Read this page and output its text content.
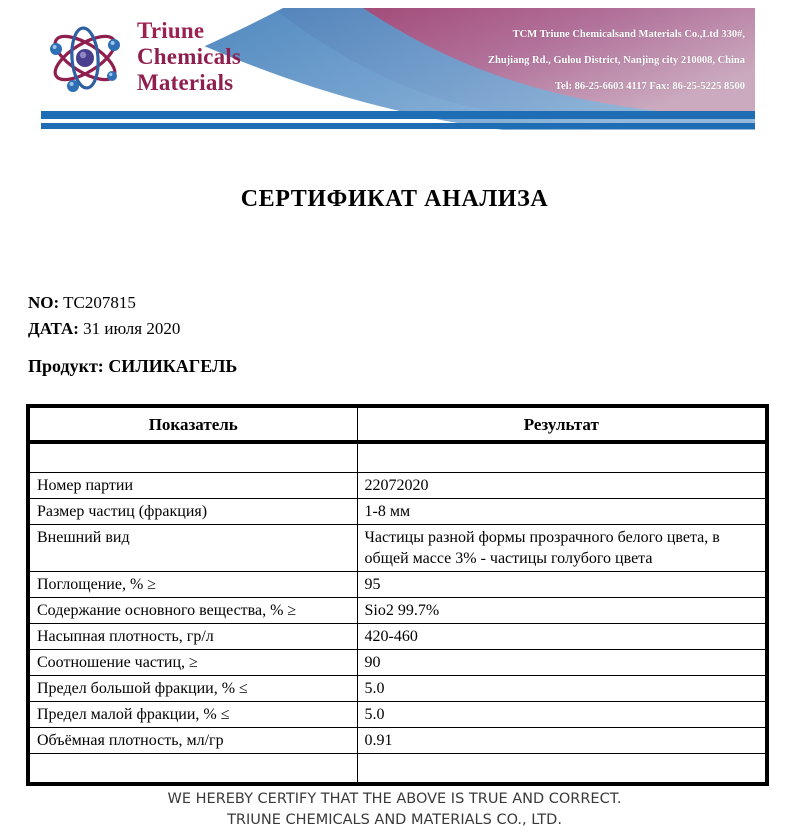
Triune
Chemicals
Materials
TCM Triune Chemicalsand Materials Co.,Ltd 330#,
Zhujiang Rd., Gulou District, Nanjing city 210008, China
Tel: 86-25-6603 4117 Fax: 86-25-5225 8500
СЕРТИФИКАТ АНАЛИЗА
NO: TC207815
ДАТА: 31 июля 2020
Продукт: СИЛИКАГЕЛЬ
Показатель	Результат

Номер партии	22072020
Размер частиц (фракция)	1-8 мм
Внешний вид	Частицы разной формы прозрачного белого цвета, в общей массе 3% - частицы голубого цвета
Поглощение, % ≥	95
Содержание основного вещества, % ≥	Sio2 99.7%
Насыпная плотность, гр/л	420-460
Соотношение частиц, ≥	90
Предел большой фракции, % ≤	5.0
Предел малой фракции, % ≤	5.0
Объёмная плотность, мл/гр	0.91

WE HEREBY CERTIFY THAT THE ABOVE IS TRUE AND CORRECT.
TRIUNE CHEMICALS AND MATERIALS CO., LTD.
